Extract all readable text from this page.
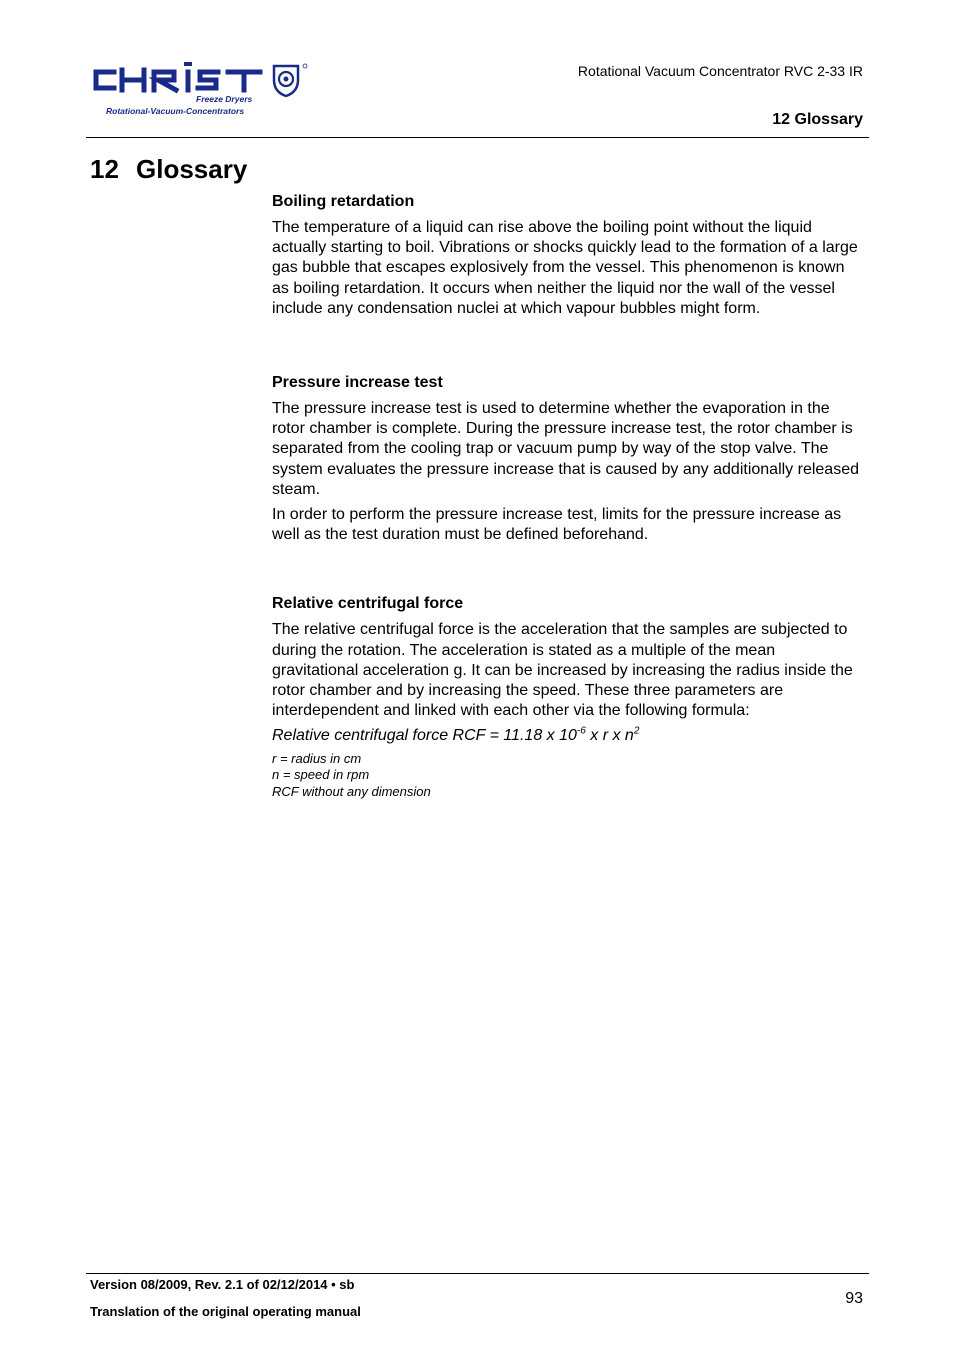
Freeze Dryers
Rotational-Vacuum-Concentrators
Rotational Vacuum Concentrator RVC 2-33 IR
12 Glossary
12 Glossary
Boiling retardation
The temperature of a liquid can rise above the boiling point without the liquid actually starting to boil. Vibrations or shocks quickly lead to the formation of a large gas bubble that escapes explosively from the vessel. This phenomenon is known as boiling retardation. It occurs when neither the liquid nor the wall of the vessel include any condensation nuclei at which vapour bubbles might form.
Pressure increase test
The pressure increase test is used to determine whether the evaporation in the rotor chamber is complete. During the pressure increase test, the rotor chamber is separated from the cooling trap or vacuum pump by way of the stop valve. The system evaluates the pressure increase that is caused by any additionally released steam.
In order to perform the pressure increase test, limits for the pressure increase as well as the test duration must be defined beforehand.
Relative centrifugal force
The relative centrifugal force is the acceleration that the samples are subjected to during the rotation. The acceleration is stated as a multiple of the mean gravitational acceleration g. It can be increased by increasing the radius inside the rotor chamber and by increasing the speed. These three parameters are interdependent and linked with each other via the following formula:
Relative centrifugal force RCF = 11.18 x $10^{-6}$ x r x $n^2$
r = radius in cm
n = speed in rpm
RCF without any dimension
Version 08/2009, Rev. 2.1 of 02/12/2014 • sb
Translation of the original operating manual
93
